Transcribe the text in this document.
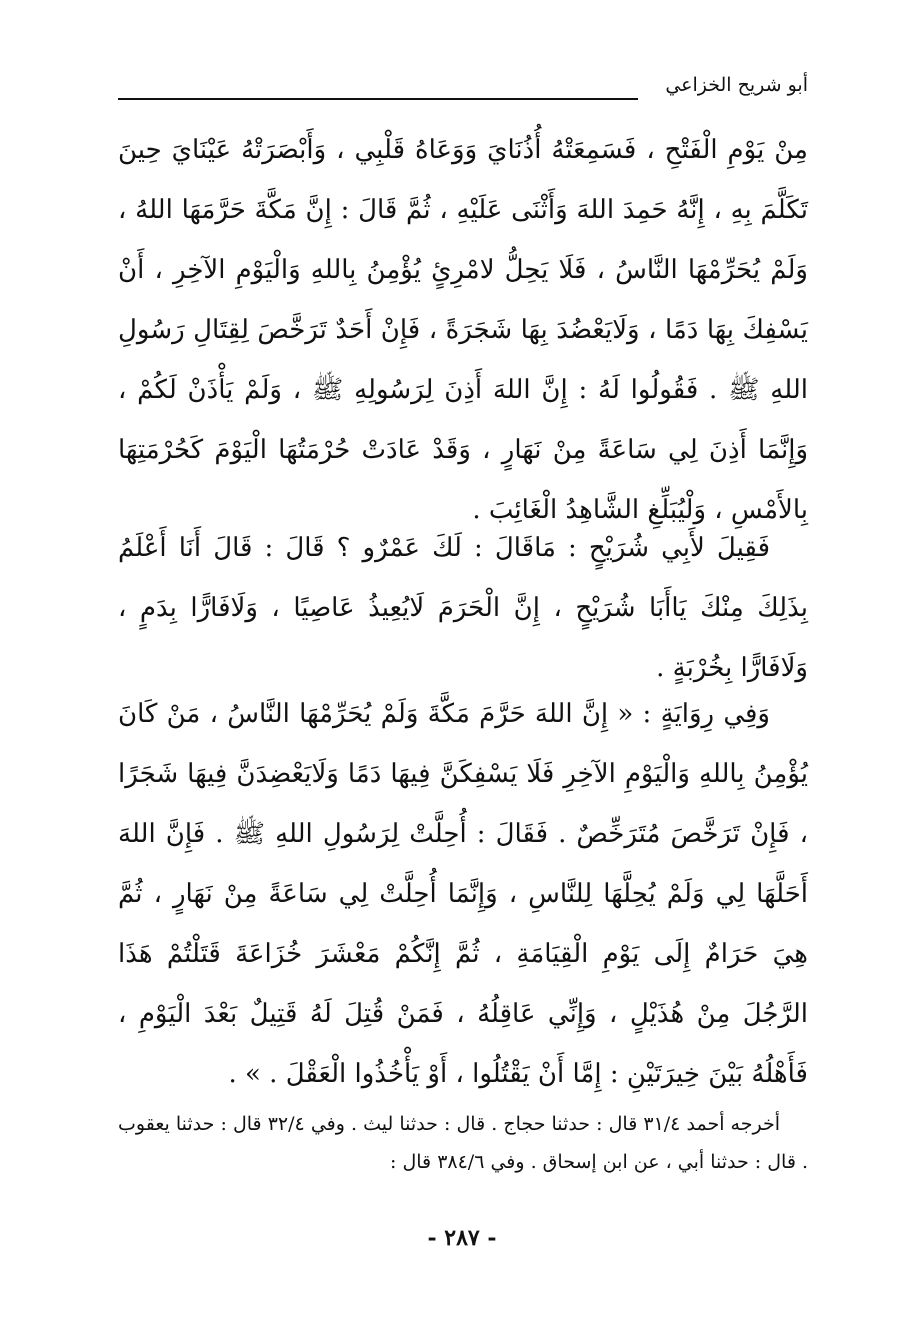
أبو شريح الخزاعي

مِنْ يَوْمِ الْفَتْحِ ، فَسَمِعَتْهُ أُذُنَايَ وَوَعَاهُ قَلْبِي ، وَأَبْصَرَتْهُ عَيْنَايَ حِينَ تَكَلَّمَ بِهِ ، إِنَّهُ حَمِدَ اللهَ وَأَثْنَى عَلَيْهِ ، ثُمَّ قَالَ : إِنَّ مَكَّةَ حَرَّمَهَا اللهُ ، وَلَمْ يُحَرِّمْهَا النَّاسُ ، فَلَا يَحِلُّ لامْرِئٍ يُؤْمِنُ بِاللهِ وَالْيَوْمِ الآخِرِ ، أَنْ يَسْفِكَ بِهَا دَمًا ، وَلَايَعْضُدَ بِهَا شَجَرَةً ، فَإِنْ أَحَدٌ تَرَخَّصَ لِقِتَالِ رَسُولِ اللهِ ﷺ . فَقُولُوا لَهُ : إِنَّ اللهَ أَذِنَ لِرَسُولِهِ ﷺ ، وَلَمْ يَأْذَنْ لَكُمْ ، وَإِنَّمَا أَذِنَ لِي سَاعَةً مِنْ نَهَارٍ ، وَقَدْ عَادَتْ حُرْمَتُهَا الْيَوْمَ كَحُرْمَتِهَا بِالأَمْسِ ، وَلْيُبَلِّغِ الشَّاهِدُ الْغَائِبَ .

فَقِيلَ لأَبِي شُرَيْحٍ : مَاقَالَ : لَكَ عَمْرٌو ؟ قَالَ : قَالَ أَنَا أَعْلَمُ بِذَلِكَ مِنْكَ يَاأَبَا شُرَيْحٍ ، إِنَّ الْحَرَمَ لَايُعِيذُ عَاصِيًا ، وَلَافَارًّا بِدَمٍ ، وَلَافَارًّا بِخُرْبَةٍ .

وَفِي رِوَايَةٍ : « إِنَّ اللهَ حَرَّمَ مَكَّةَ وَلَمْ يُحَرِّمْهَا النَّاسُ ، مَنْ كَانَ يُؤْمِنُ بِاللهِ وَالْيَوْمِ الآخِرِ فَلَا يَسْفِكَنَّ فِيهَا دَمًا وَلَايَعْضِدَنَّ فِيهَا شَجَرًا ، فَإِنْ تَرَخَّصَ مُتَرَخِّصٌ . فَقَالَ : أُحِلَّتْ لِرَسُولِ اللهِ ﷺ . فَإِنَّ اللهَ أَحَلَّهَا لِي وَلَمْ يُحِلَّهَا لِلنَّاسِ ، وَإِنَّمَا أُحِلَّتْ لِي سَاعَةً مِنْ نَهَارٍ ، ثُمَّ هِيَ حَرَامٌ إِلَى يَوْمِ الْقِيَامَةِ ، ثُمَّ إِنَّكُمْ مَعْشَرَ خُزَاعَةَ قَتَلْتُمْ هَذَا الرَّجُلَ مِنْ هُذَيْلٍ ، وَإِنِّي عَاقِلُهُ ، فَمَنْ قُتِلَ لَهُ قَتِيلٌ بَعْدَ الْيَوْمِ ، فَأَهْلُهُ بَيْنَ خِيرَتَيْنِ : إِمَّا أَنْ يَقْتُلُوا ، أَوْ يَأْخُذُوا الْعَقْلَ . » .

أخرجه أحمد ٣١/٤ قال : حدثنا حجاج . قال : حدثنا ليث . وفي ٣٢/٤ قال : حدثنا يعقوب . قال : حدثنا أبي ، عن ابن إسحاق . وفي ٣٨٤/٦ قال :

- ٢٨٧ -
